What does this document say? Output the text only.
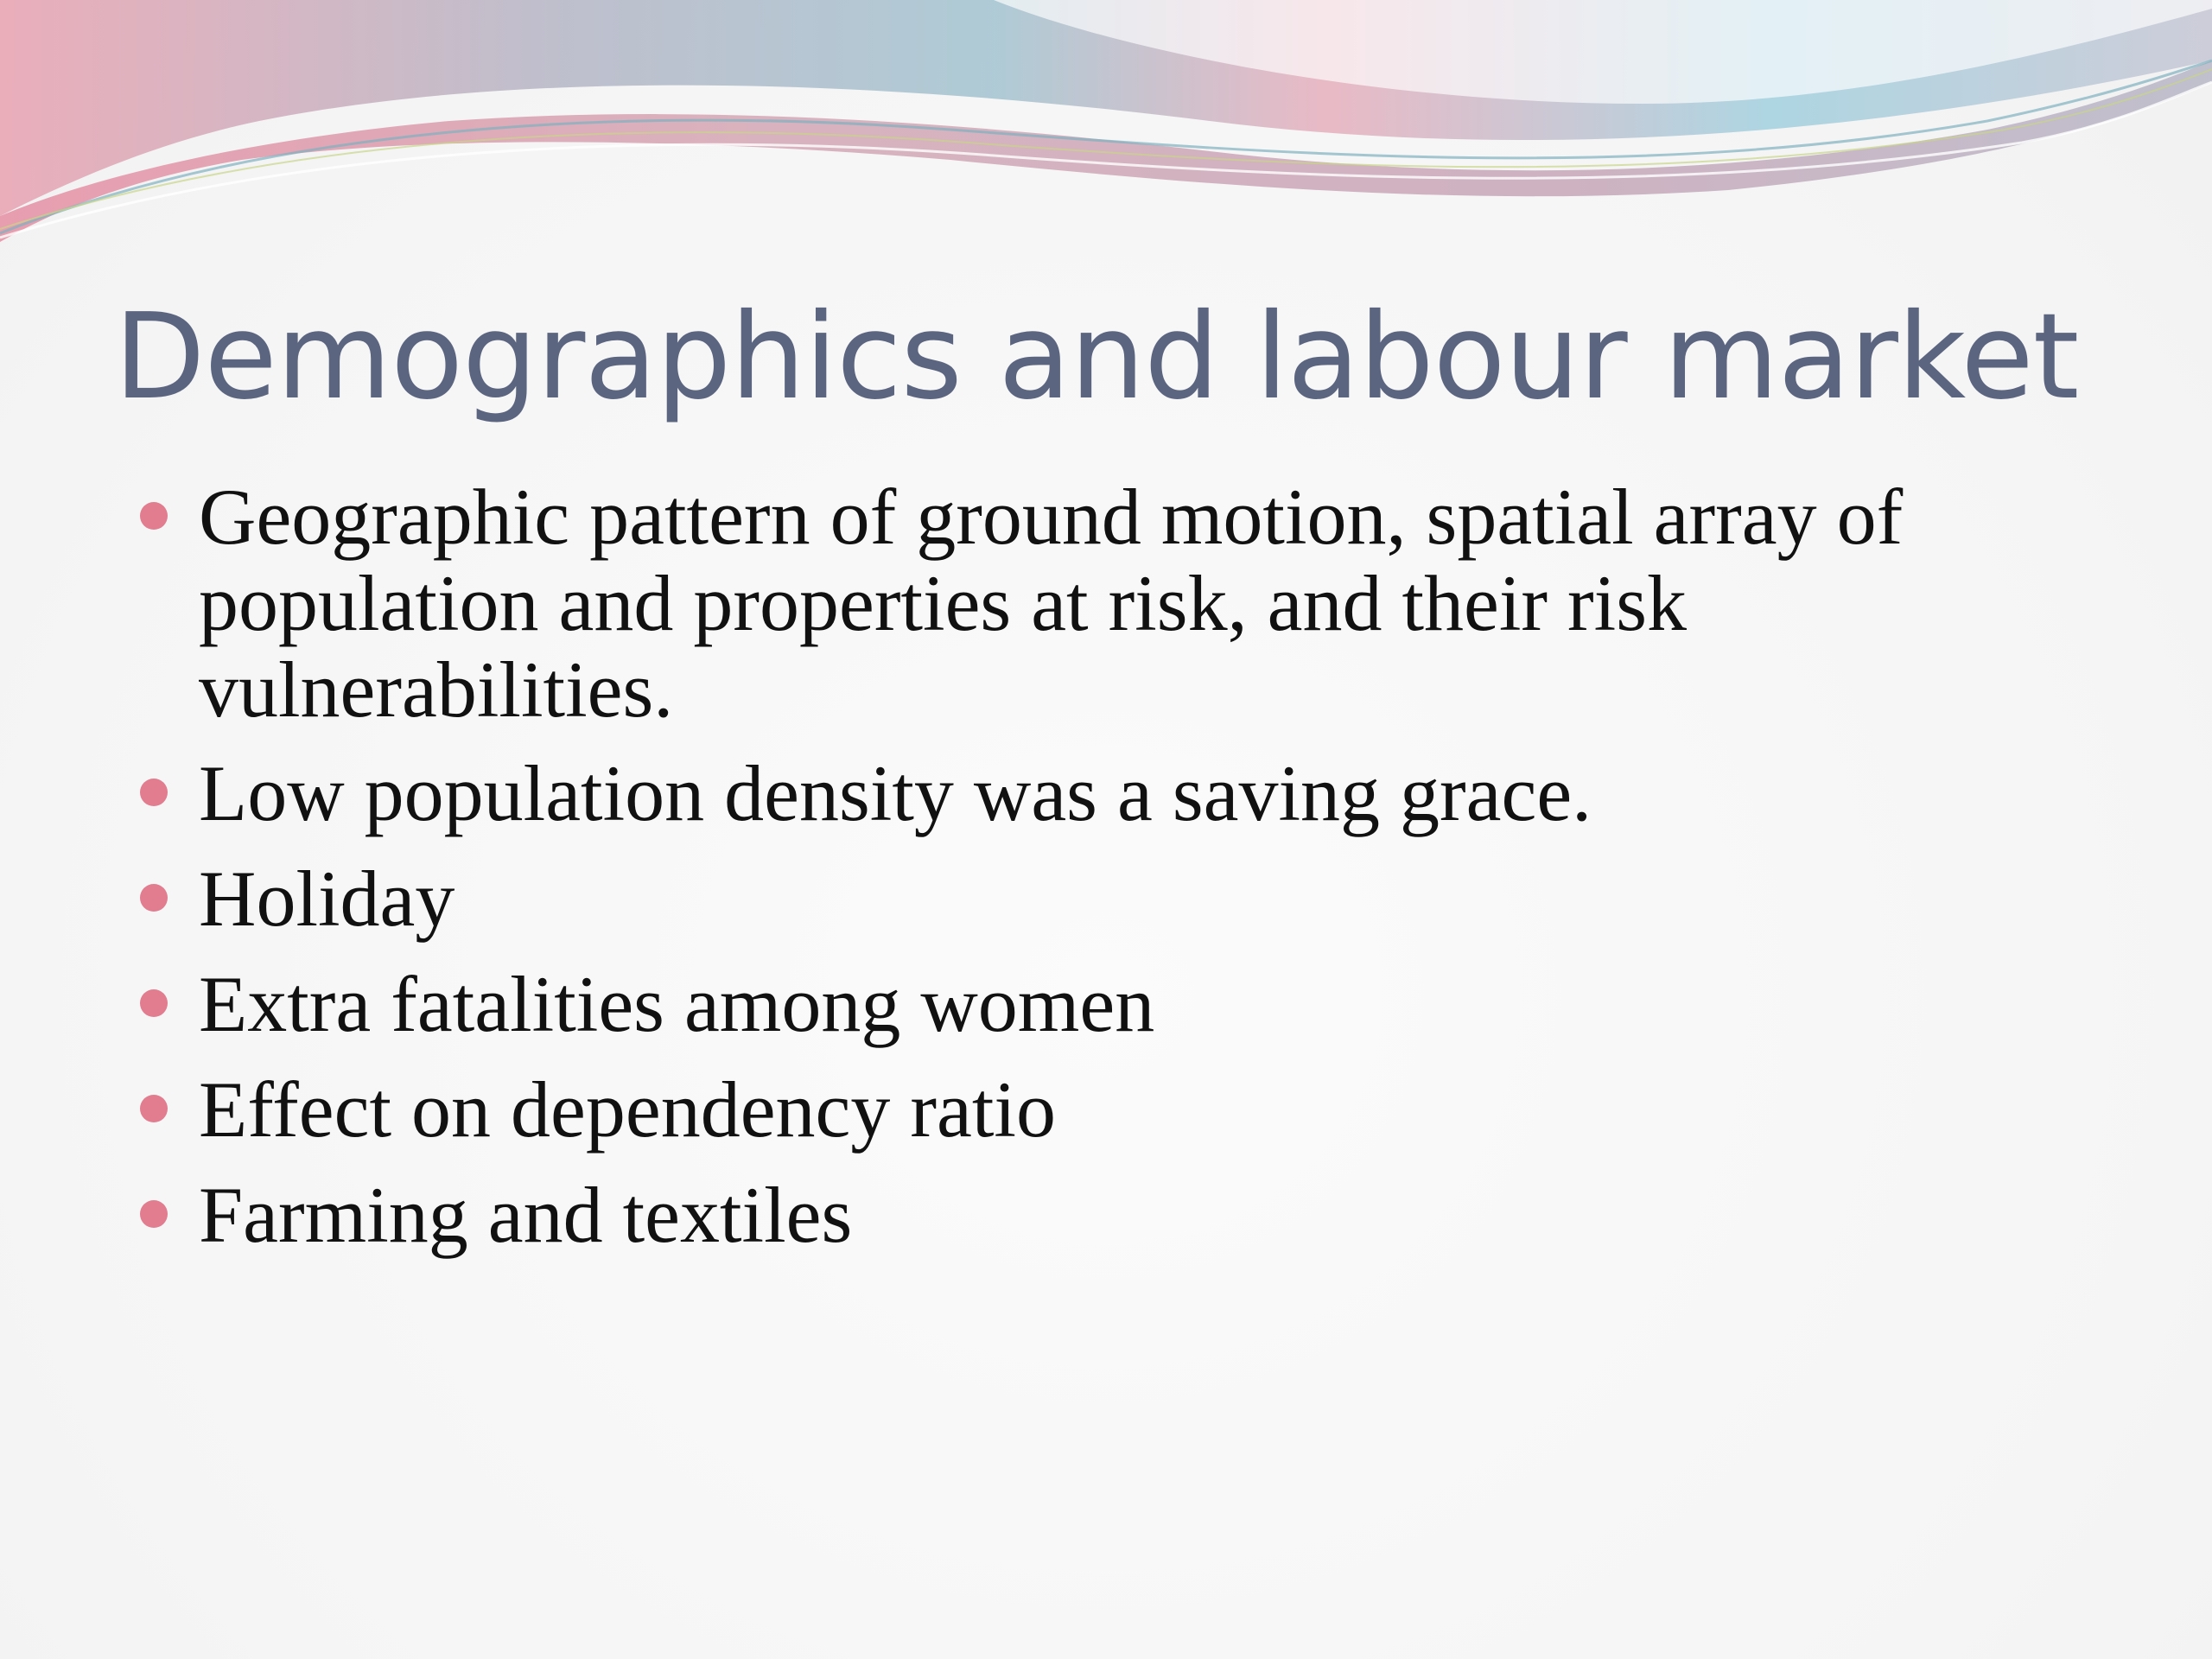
Demographics and labour market
Geographic pattern of ground motion, spatial array of population and properties at risk, and their risk vulnerabilities.
Low population density was a saving grace.
Holiday
Extra fatalities among women
Effect on dependency ratio
Farming and textiles
